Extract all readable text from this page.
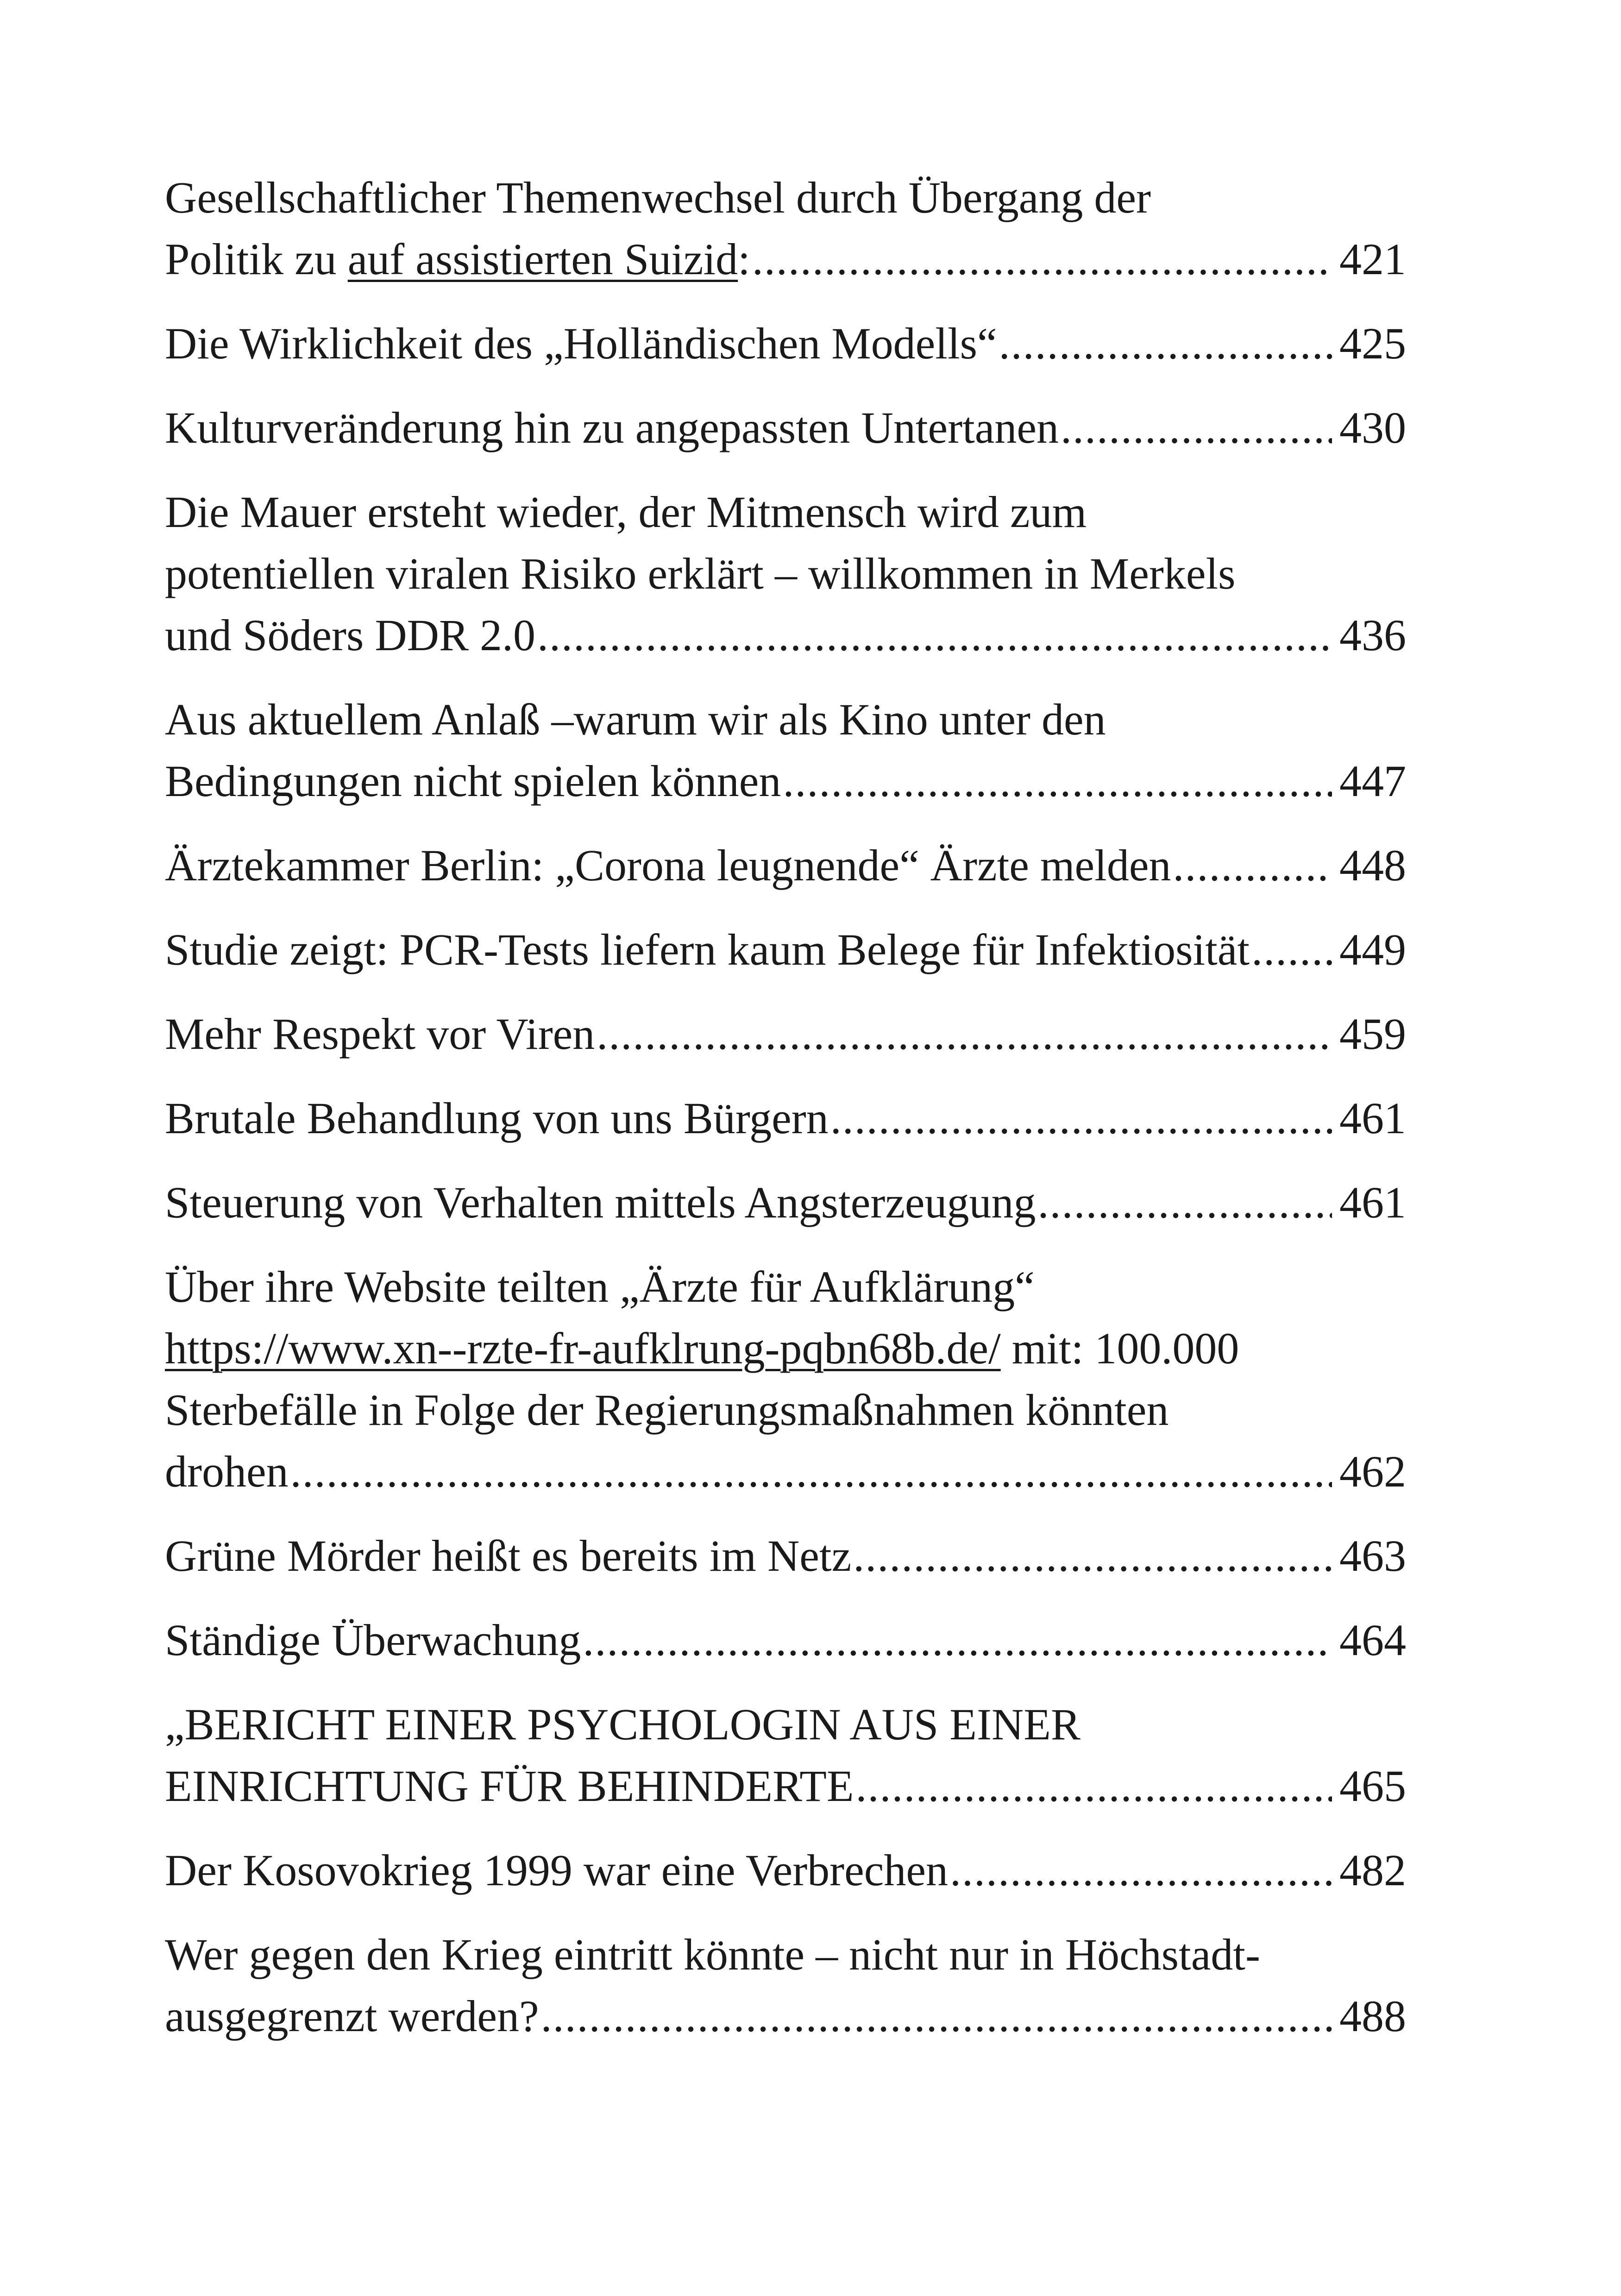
Gesellschaftlicher Themenwechsel durch Übergang der
Politik zu auf assistierten Suizid: .....	421
Die Wirklichkeit des „Holländischen Modells“ .....	425
Kulturveränderung hin zu angepassten Untertanen .....	430
Die Mauer ersteht wieder, der Mitmensch wird zum
potentiellen viralen Risiko erklärt – willkommen in Merkels
und Söders DDR 2.0 .....	436
Aus aktuellem Anlaß –warum wir als Kino unter den
Bedingungen nicht spielen können .....	447
Ärztekammer Berlin: „Corona leugnende“ Ärzte melden .....	448
Studie zeigt: PCR-Tests liefern kaum Belege für Infektiosität ..... 449
Mehr Respekt vor Viren .....	459
Brutale Behandlung von uns Bürgern .....	461
Steuerung von Verhalten mittels Angsterzeugung .....	461
Über ihre Website teilten „Ärzte für Aufklärung“
https://www.xn--rzte-fr-aufklrung-pqbn68b.de/ mit: 100.000
Sterbefälle in Folge der Regierungsmaßnahmen könnten
drohen .....	462
Grüne Mörder heißt es bereits im Netz .....	463
Ständige Überwachung .....	464
„BERICHT EINER PSYCHOLOGIN AUS EINER
EINRICHTUNG FÜR BEHINDERTE .....	465
Der Kosovokrieg 1999 war eine Verbrechen .....	482
Wer gegen den Krieg eintritt könnte – nicht nur in Höchstadt-
ausgegrenzt werden? .....	488
